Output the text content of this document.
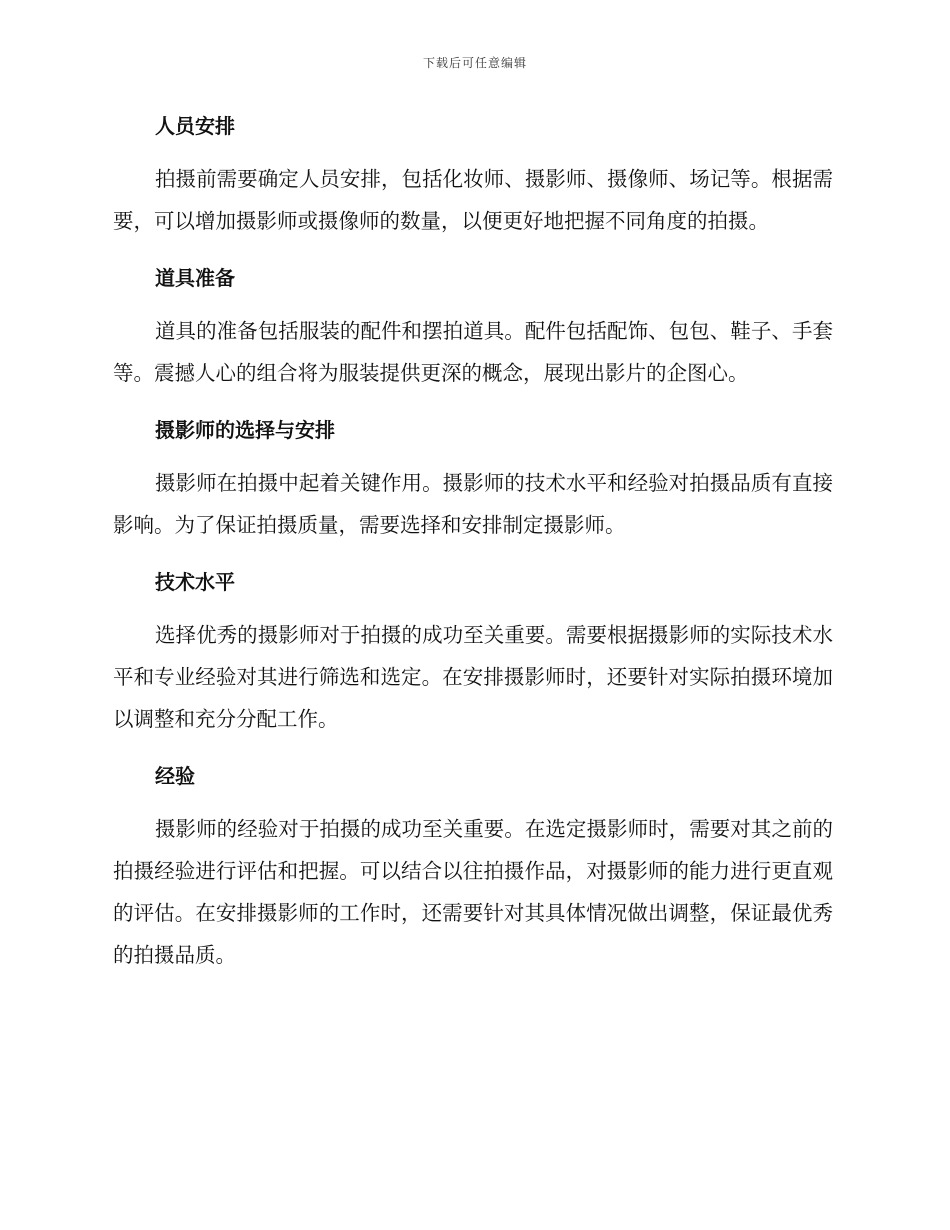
下载后可任意编辑
人员安排

拍摄前需要确定人员安排，包括化妆师、摄影师、摄像师、场记等。根据需要，可以增加摄影师或摄像师的数量，以便更好地把握不同角度的拍摄。

道具准备

道具的准备包括服装的配件和摆拍道具。配件包括配饰、包包、鞋子、手套等。震撼人心的组合将为服装提供更深的概念，展现出影片的企图心。

摄影师的选择与安排

摄影师在拍摄中起着关键作用。摄影师的技术水平和经验对拍摄品质有直接影响。为了保证拍摄质量，需要选择和安排制定摄影师。

技术水平

选择优秀的摄影师对于拍摄的成功至关重要。需要根据摄影师的实际技术水平和专业经验对其进行筛选和选定。在安排摄影师时，还要针对实际拍摄环境加以调整和充分分配工作。

经验

摄影师的经验对于拍摄的成功至关重要。在选定摄影师时，需要对其之前的拍摄经验进行评估和把握。可以结合以往拍摄作品，对摄影师的能力进行更直观的评估。在安排摄影师的工作时，还需要针对其具体情况做出调整，保证最优秀的拍摄品质。
